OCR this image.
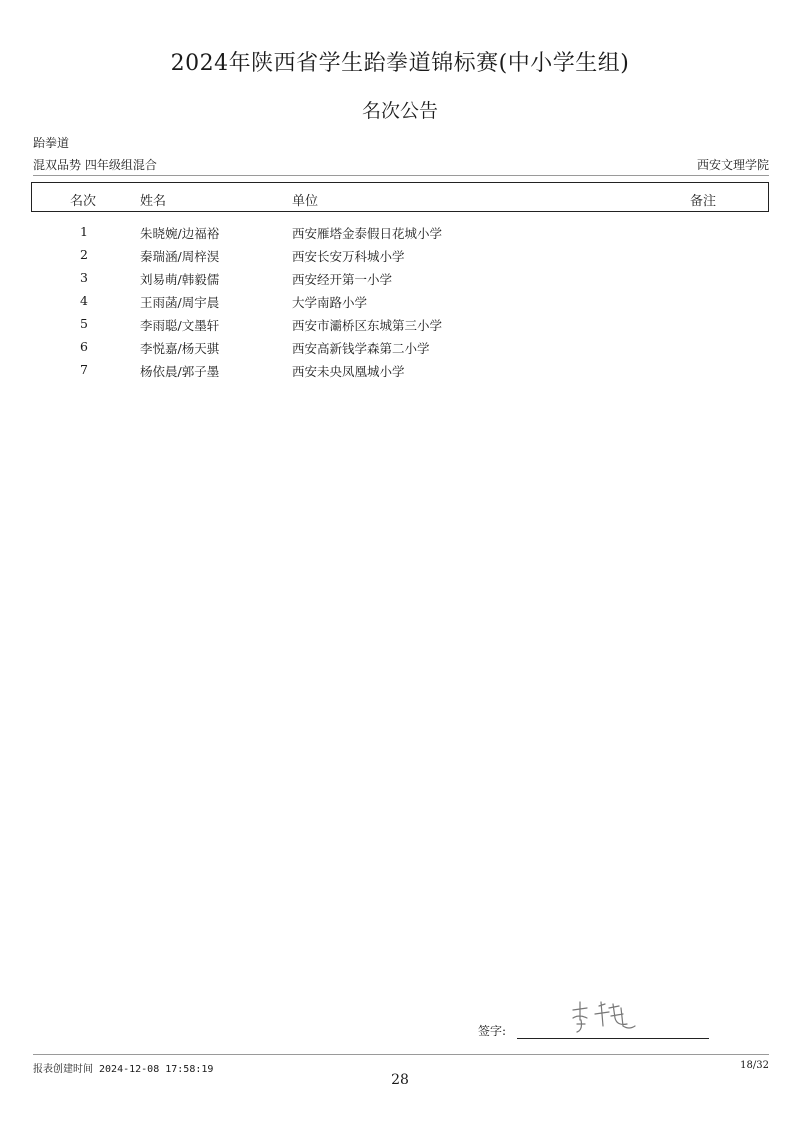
2024年陕西省学生跆拳道锦标赛(中小学生组)
名次公告
跆拳道
混双品势 四年级组混合	西安文理学院
名次	姓名	单位	备注
1	朱晓婉/边福裕	西安雁塔金泰假日花城小学
2	秦瑞涵/周梓淏	西安长安万科城小学
3	刘易萌/韩毅儒	西安经开第一小学
4	王雨菡/周宇晨	大学南路小学
5	李雨聪/文墨轩	西安市灞桥区东城第三小学
6	李悦嘉/杨天骐	西安高新钱学森第二小学
7	杨依晨/郭子墨	西安未央凤凰城小学
签字:
报表创建时间 2024-12-08 17:58:19	18/32
28
